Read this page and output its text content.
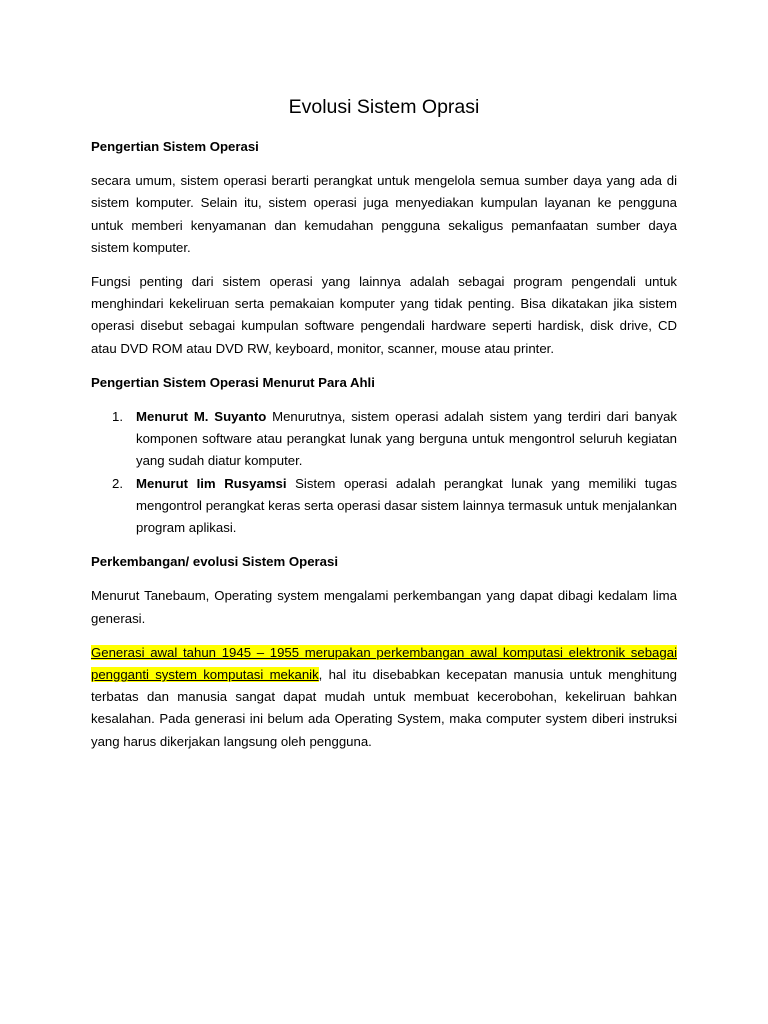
Evolusi Sistem Oprasi
Pengertian Sistem Operasi

secara umum, sistem operasi berarti perangkat untuk mengelola semua sumber daya yang ada di sistem komputer. Selain itu, sistem operasi juga menyediakan kumpulan layanan ke pengguna untuk memberi kenyamanan dan kemudahan pengguna sekaligus pemanfaatan sumber daya sistem komputer.

Fungsi penting dari sistem operasi yang lainnya adalah sebagai program pengendali untuk menghindari kekeliruan serta pemakaian komputer yang tidak penting. Bisa dikatakan jika sistem operasi disebut sebagai kumpulan software pengendali hardware seperti hardisk, disk drive, CD atau DVD ROM atau DVD RW, keyboard, monitor, scanner, mouse atau printer.

Pengertian Sistem Operasi Menurut Para Ahli
1. Menurut M. Suyanto Menurutnya, sistem operasi adalah sistem yang terdiri dari banyak komponen software atau perangkat lunak yang berguna untuk mengontrol seluruh kegiatan yang sudah diatur komputer.
2. Menurut Iim Rusyamsi Sistem operasi adalah perangkat lunak yang memiliki tugas mengontrol perangkat keras serta operasi dasar sistem lainnya termasuk untuk menjalankan program aplikasi.
Perkembangan/ evolusi Sistem Operasi

Menurut Tanebaum, Operating system mengalami perkembangan yang dapat dibagi kedalam lima generasi.

Generasi awal tahun 1945 – 1955 merupakan perkembangan awal komputasi elektronik sebagai pengganti system komputasi mekanik, hal itu disebabkan kecepatan manusia untuk menghitung terbatas dan manusia sangat dapat mudah untuk membuat kecerobohan, kekeliruan bahkan kesalahan. Pada generasi ini belum ada Operating System, maka computer system diberi instruksi yang harus dikerjakan langsung oleh pengguna.
